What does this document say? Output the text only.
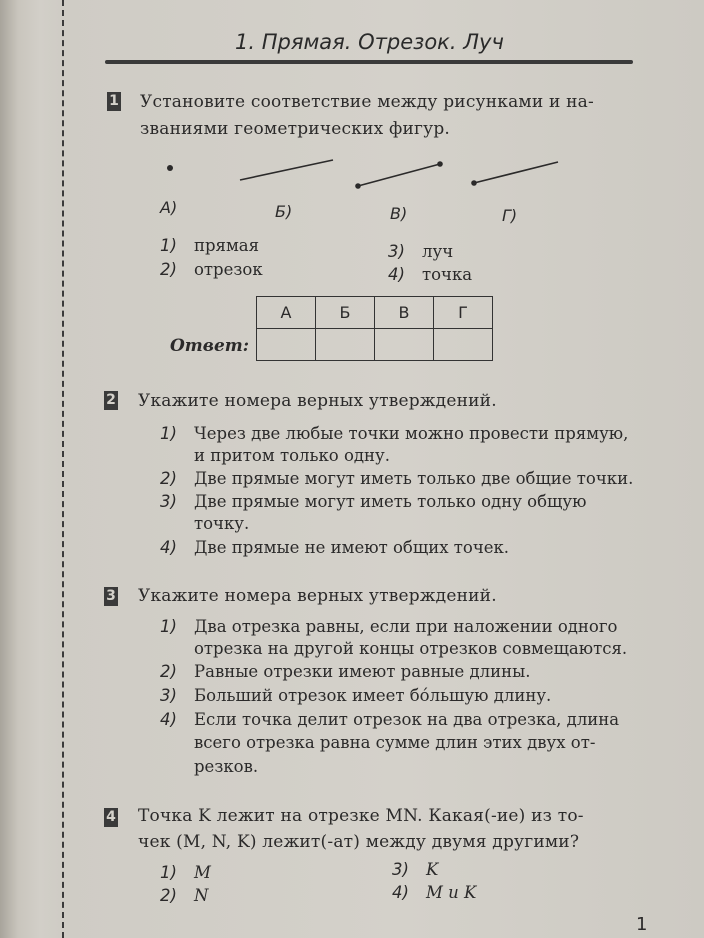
1. Прямая. Отрезок. Луч
1 Установите соответствие между рисунками и на-
званиями геометрических фигур.
А)	Б)	В)	Г)
1) прямая
2) отрезок
3) луч
4) точка
А	Б	В	Г

Ответ:
2 Укажите номера верных утверждений.
1) Через две любые точки можно провести прямую,
и притом только одну.
2) Две прямые могут иметь только две общие точки.
3) Две прямые могут иметь только одну общую
точку.
4) Две прямые не имеют общих точек.
3 Укажите номера верных утверждений.
1) Два отрезка равны, если при наложении одного
отрезка на другой концы отрезков совмещаются.
2) Равные отрезки имеют равные длины.
3) Больший отрезок имеет бо́льшую длину.
4) Если точка делит отрезок на два отрезка, длина
всего отрезка равна сумме длин этих двух от-
резков.
4 Точка K лежит на отрезке MN. Какая(-ие) из то-
чек (M, N, K) лежит(-ат) между двумя другими?
1) M
2) N
3) K
4) M и K
1
